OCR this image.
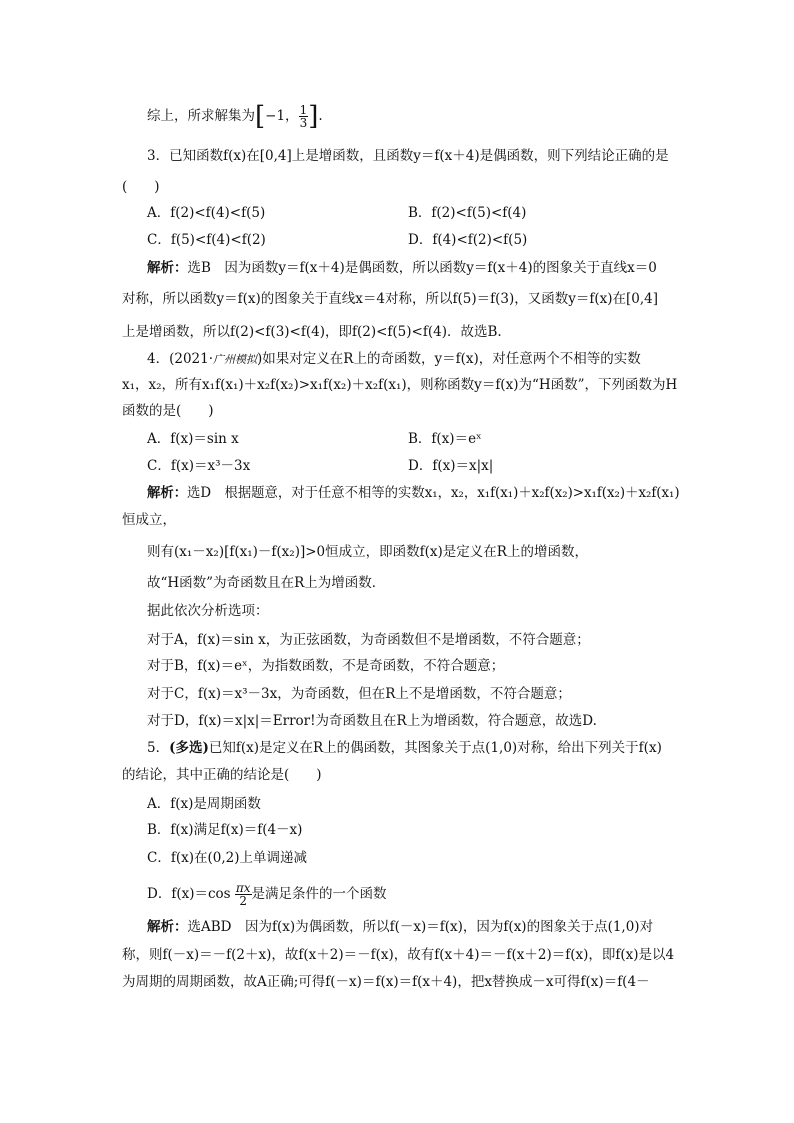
综上，所求解集为[−1， $\frac{1}{3}$ ].
3．已知函数f(x)在[0,4]上是增函数，且函数y＝f(x＋4)是偶函数，则下列结论正确的是
(　　)
A．f(2)<f(4)<f(5)	B．f(2)<f(5)<f(4)
C．f(5)<f(4)<f(2)	D．f(4)<f(2)<f(5)
解析：选B　因为函数y＝f(x＋4)是偶函数，所以函数y＝f(x＋4)的图象关于直线x＝0
对称，所以函数y＝f(x)的图象关于直线x＝4对称，所以f(5)＝f(3)，又函数y＝f(x)在[0,4]
上是增函数，所以f(2)<f(3)<f(4)，即f(2)<f(5)<f(4)．故选B.
4．(2021·广州模拟)如果对定义在R上的奇函数，y＝f(x)，对任意两个不相等的实数
x₁，x₂，所有x₁f(x₁)＋x₂f(x₂)>x₁f(x₂)＋x₂f(x₁)，则称函数y＝f(x)为“H函数”，下列函数为H
函数的是(　　)
A．f(x)＝sin x	B．f(x)＝eˣ
C．f(x)＝x³－3x	D．f(x)＝x|x|
解析：选D　根据题意，对于任意不相等的实数x₁，x₂，x₁f(x₁)＋x₂f(x₂)>x₁f(x₂)＋x₂f(x₁)
恒成立，
则有(x₁－x₂)[f(x₁)－f(x₂)]>0恒成立，即函数f(x)是定义在R上的增函数，
故“H函数”为奇函数且在R上为增函数．
据此依次分析选项：
对于A，f(x)＝sin x，为正弦函数，为奇函数但不是增函数，不符合题意；
对于B，f(x)＝eˣ，为指数函数，不是奇函数，不符合题意；
对于C，f(x)＝x³－3x，为奇函数，但在R上不是增函数，不符合题意；
对于D，f(x)＝x|x|＝Error!为奇函数且在R上为增函数，符合题意，故选D.
5．(多选)已知f(x)是定义在R上的偶函数，其图象关于点(1,0)对称，给出下列关于f(x)
的结论，其中正确的结论是(　　)
A．f(x)是周期函数
B．f(x)满足f(x)＝f(4－x)
C．f(x)在(0,2)上单调递减
D．$f(x)=\cos \frac{\pi x}{2}$ 是满足条件的一个函数
解析：选ABD　因为f(x)为偶函数，所以f(－x)＝f(x)，因为f(x)的图象关于点(1,0)对
称，则f(－x)＝－f(2＋x)，故f(x＋2)＝－f(x)，故有f(x＋4)＝－f(x＋2)＝f(x)，即f(x)是以4
为周期的周期函数，故A正确;可得f(－x)＝f(x)＝f(x＋4)，把x替换成－x可得f(x)＝f(4－
